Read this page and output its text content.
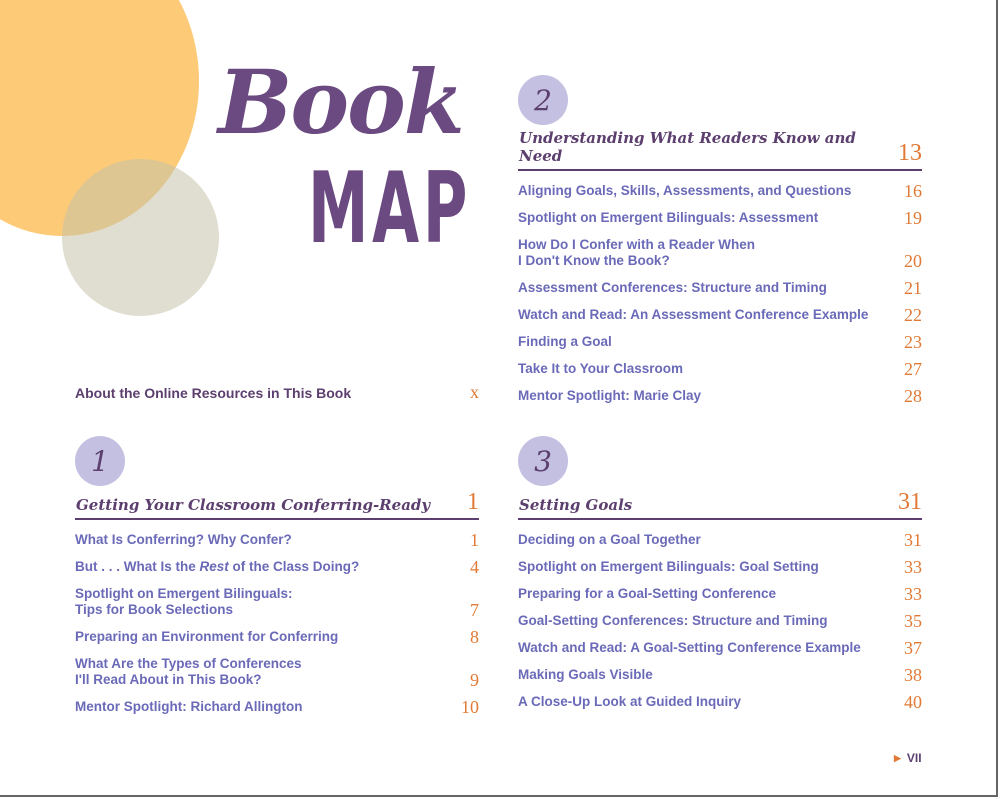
Book
MAP
About the Online Resources in This Book	x
1
Getting Your Classroom Conferring-Ready 1
What Is Conferring? Why Confer?	1
But . . . What Is the Rest of the Class Doing?	4
Spotlight on Emergent Bilinguals:
Tips for Book Selections	7
Preparing an Environment for Conferring	8
What Are the Types of Conferences
I'll Read About in This Book?	9
Mentor Spotlight: Richard Allington	10
2
Understanding What Readers Know and Need	13
Aligning Goals, Skills, Assessments, and Questions	16
Spotlight on Emergent Bilinguals: Assessment	19
How Do I Confer with a Reader When
I Don't Know the Book?	20
Assessment Conferences: Structure and Timing	21
Watch and Read: An Assessment Conference Example 22
Finding a Goal	23
Take It to Your Classroom	27
Mentor Spotlight: Marie Clay	28
3
Setting Goals	31
Deciding on a Goal Together	31
Spotlight on Emergent Bilinguals: Goal Setting	33
Preparing for a Goal-Setting Conference	33
Goal-Setting Conferences: Structure and Timing	35
Watch and Read: A Goal-Setting Conference Example 37
Making Goals Visible	38
A Close-Up Look at Guided Inquiry	40
▶ VII
